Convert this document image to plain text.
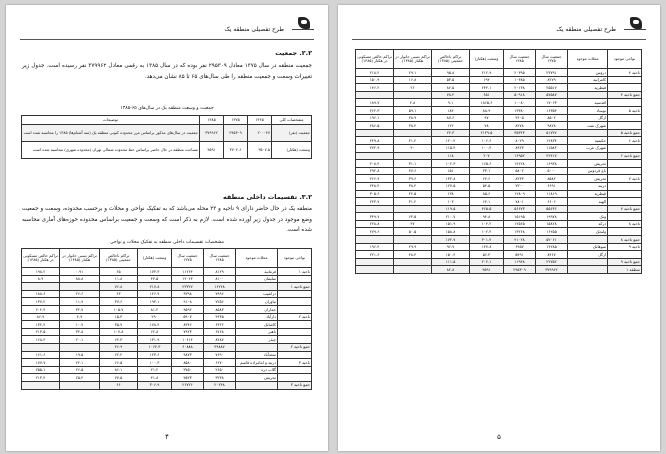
طرح تفصیلی منطقه یک
۲.۲. جمعیت
جمعیت منطقه در سال ۱۳۷۵ معادل ۲۹۵۳۰۹ نفر بوده که در سال ۱۳۸۵ به رقمی معادل ۳۷۹۹۶۲ نفر رسیده است. جدول زیر تغییرات وسعت و جمعیت منطقه را طی سال‌های ۶۵ تا ۸۵ نشان می‌دهد.
جمعیت و وسعت منطقه یک در سال‌های ۶۵-۱۳۸۵
مشخصات کلی	۱۳۶۵	۱۳۷۵	۱۳۸۵	توضیحات
جمعیت (نفر)	۲۰۰۰۴۷	۲۹۵۳۰۹	۳۷۹۹۶۲	جمعیت در سال‌های مذکور براساس مرز محدوده کنونی منطقه یک (سه آشنام‌ها) ۱۳۸۵ را محاسبه شده است
وسعت (هکتار)	۳۵۰۷.۵	۳۷۰۲.۶	۴۵۹۱	مساحت منطقه در حال حاضر براساس خط محدوده شمالی تهران (محدوده شهری) محاسبه شده است
۳.۲. تقسیمات داخلی منطقه
منطقه یک در حال حاضر دارای ۹ ناحیه و ۲۳ محله می‌باشد که به تفکیک نواحی و محلات و برحسب محدوده، وسعت و جمعیت وضع موجود در جدول زیر آورده شده است. لازم به ذکر است که وسعت و جمعیت براساس محدوده حوزه‌های آماری محاسبه شده است.
مشخصات تقسیمات داخلی منطقه به تفکیک محلات و نواحی
نواحی موجود	محلات موجود	جمعیت سال ۱۳۸۵	جمعیت سال ۱۳۷۵	وسعت (هکتار)	تراکم ناخالص جمعیتی (۱۳۸۵)	تراکم نسبی خانوار در هکتار (۱۳۸۵)	تراکم خالص مسکونی در هکتار (۱۳۸۵)
ناحیه ۱	فرمانیه	۸۱۲۹	۱۱۲۶۴	۱۷۳.۳	۶۵	۰.۹۱	۱۹۸.۲
	سلیمان	۸۱۰۰	۱۲۰۶۳	۴۴.۵	۱۱.۸	۸۸.۸	۸.۹
جمع ناحیه ۱		۱۶۲۲۸	۲۳۳۲۷	۲۱۷.۸	۷۶.۸		
	دزاشیب	۷۹۹۶	۹۳۹۸	۱۲۶.۹	۶۳	۲۶.۶	۱۸۸.۶
	نیاوران	۷۲۵۶	۹۱۰۸	۱۹۳.۱	۳۷.۶	۱۱.۹	۱۳۷.۲
	جماران	۸۵۸۳	۹۵۹۲	۸۱.۲	۱۰۵.۷	۳۲.۷	۲۰۲.۴
ناحیه ۲	دارآباد	۴۴۳۵	۵۹۰۷	۲۹۰	۱۵.۳	۴.۹	۸۶.۹
	کاشانک	۶۳۶۲	۸۳۴۶	۱۷۸.۴	۳۵.۷	۱۰.۷	۱۳۲.۴
	باهنر	۶۷۶۸	۷۹۲۳	۶۲.۸	۱۰۷.۸	۳۴.۸	۲۱۳.۵
	چیذر	۸۴۸۷	۱۰۶۱۴	۱۳۱.۹	۶۴.۳	۲۰.۱	۱۶۸.۴
جمع ناحیه ۲		۴۹۸۸۷	۶۰۸۸۸	۱۰۶۴.۳	۴۶.۹		
	سعدآباد	۷۶۹۰	۹۸۷۳	۱۲۳.۶	۶۲.۲	۱۹.۵	۱۶۱.۶
ناحیه ۳	دربند و امامزاده قاسم	۶۶۷۰	۸۵۸۰	۱۰۰.۳	۶۶.۵	۲۲.۱	۱۷۷.۷
	گلاب دره	۲۶۵۰	۳۷۵۰	۲۱.۲	۸۶.۱	۲۶.۵	۲۵۵.۱
	تجریش	۳۲۳۸	۴۵۲۳	۴۱.۸	۷۷.۵	۲۵.۴	۲۱۳.۴
جمع ناحیه ۳		۲۰۲۴۸	۲۶۷۲۶	۳۰۶.۹	۶۶		
۴
طرح تفصیلی منطقه یک
نواحی موجود	محلات موجود	جمعیت سال ۱۳۷۵	جمعیت سال ۱۳۸۵	وسعت (هکتار)	تراکم ناخالص جمعیتی (۱۳۸۵)	تراکم نسبی خانوار در هکتار (۱۳۸۵)	تراکم خالص مسکونی در هکتار (۱۳۸۵)
ناحیه ۴	دروس	۲۳۷۹۱	۲۰۳۹۵	۲۱۲.۹	۹۵.۸	۲۹.۱	۲۱۸.۲
	کامرانیه	۸۲۷۹	۱۰۳۸۵	۱۹۴	۵۳.۵	۱۶.۸	۱۵۰.۹
	قیطریه	۲۵۵۱۷	۲۰۱۳۸	۲۴۴.۱	۸۲.۵	۲۶	۱۴۶.۲
جمع ناحیه ۴		۵۷۵۸۷	۵۰۹۱۸	۶۵۱	۷۸.۲		
	اقدسیه	۱۷۰۶۳	۱۰۰۸۰	۱۸۶۵.۶	۹.۱	۲.۸	۱۸۹.۷
ناحیه ۵	نوبنیاد	۱۶۳۵۴	۱۳۳۸۰	۸۸.۹	۱۸۴	۵۹.۱	۲۶۲.۳
	ازگل	۸۵۰۲	۳۶۰۵	۹۷	۸۷.۶	۲۸.۹	۱۹۶.۱
	شهرک نفت	۹۸۲۸	۸۲۷۸	۷۸	۱۲۶	۳۸.۴	۲۸۶.۵
جمع ناحیه ۵		۵۱۷۴۷	۳۵۳۴۳	۲۱۲۹.۵	۲۴.۳		
ناحیه ۶	حکیمیه	۱۲۸۳۴	۸۰۲۹	۱۰۶.۶	۱۲۰.۴	۴۱.۲	۲۴۹.۸
	شهرک غرب	۱۱۵۸۳	۸۹۲۳	۱۰۰.۴	۱۱۵.۴	۴۰	۲۷۲.۹
جمع ناحیه ۶		۲۴۴۱۷	۱۶۹۵۲	۲۰۷	۱۱۸		
	تجریش	۱۶۹۳۸	۱۴۶۲۸	۱۶۵.۶	۱۰۲.۳	۳۱.۱	۲۰۸.۴
	باغ فردوس	۵۰۰۰	۵۸۰۲	۳۳.۱	۱۵۱	۴۷.۶	۲۹۲.۸
ناحیه ۷	تحریش	۸۵۸۲	۸۲۳۳	۶۴.۶	۱۳۲.۸	۳۹.۶	۲۶۶.۹
	دربند	۶۶۹۱	۷۳۰۰	۵۲.۵	۱۲۷.۵	۳۸.۴	۲۴۸.۴
	قیطریه	۱۱۸۱۹	۱۲۸۰۹	۸۵.۶	۱۳۸	۴۲.۵	۳۰۵.۶
	الهیه	۶۶۰۶	۷۸۰۱	۶۴.۱	۱۰۳	۳۱.۲	۲۲۳.۷
جمع ناحیه ۷		۵۵۶۳۶	۵۶۶۷۳	۴۶۵.۵	۱۱۹.۵		
	ونک	۱۹۹۷۸	۱۵۱۹۵	۹۴.۸	۲۱۰.۷	۶۳.۵	۳۴۹.۷
ناحیه ۸	درکه	۱۵۸۲۸	۱۲۵۶۵	۱۰۴.۲	۱۵۱.۹	۴۷	۲۲۸.۸
	ولنجک	۱۶۲۵۵	۱۳۲۶۸	۱۰۲.۴	۱۵۸.۸	۵۰.۵	۲۷۹.۶
جمع ناحیه ۸		۵۲۰۶۱	۴۱۰۲۸	۳۰۱.۴	۱۷۲.۷		
ناحیه ۹	سوهانک	۱۴۲۸۵	۶۴۵۷	۱۴۷.۸	۹۶.۷	۲۹.۹	۱۹۶.۴
	ازگل	۸۴۶۷	۵۴۹۱	۵۶.۳	۱۵۰.۴	۴۸.۴	۲۲۱.۶
جمع ناحیه ۹		۲۲۷۵۲	۱۱۹۴۸	۲۰۴.۱	۱۱۱.۵		
منطقه ۱		۳۷۹۹۶۲	۲۹۵۳۰۹	۴۵۹۱	۸۲.۸		
۵
